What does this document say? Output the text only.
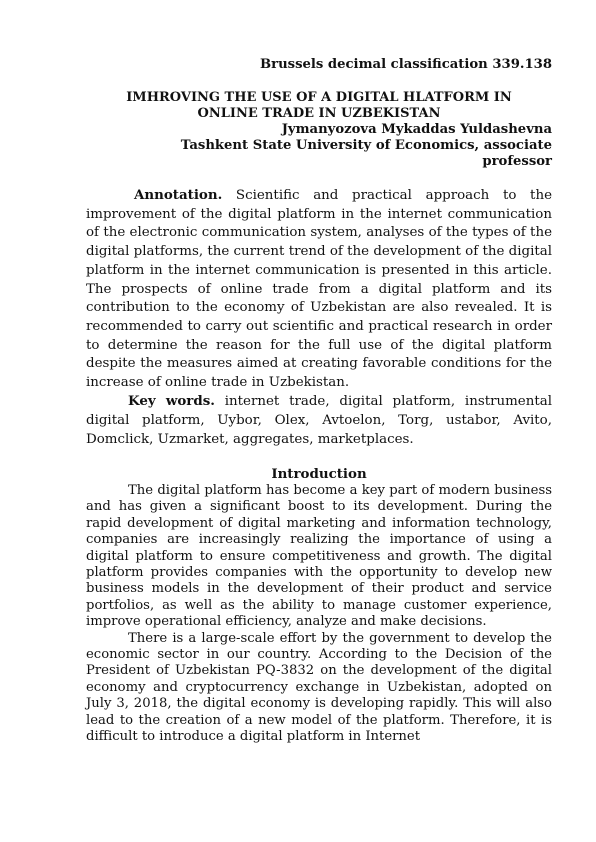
Brussels decimal classification 339.138
IMHROVING THE USE OF A DIGITAL HLATFORM IN
ONLINE TRADE IN UZBEKISTAN
Jymanyozova Mykaddas Yuldashevna
Tashkent State University of Economics, associate
professor

Annotation. Scientific and practical approach to the improvement of the digital platform in the internet communication of the electronic communication system, analyses of the types of the digital platforms, the current trend of the development of the digital platform in the internet communication is presented in this article. The prospects of online trade from a digital platform and its contribution to the economy of Uzbekistan are also revealed. It is recommended to carry out scientific and practical research in order to determine the reason for the full use of the digital platform despite the measures aimed at creating favorable conditions for the increase of online trade in Uzbekistan.

Key words. internet trade, digital platform, instrumental digital platform, Uybor, Olex, Avtoelon, Torg, ustabor, Avito, Domclick, Uzmarket, aggregates, marketplaces.

Introduction

The digital platform has become a key part of modern business and has given a significant boost to its development. During the rapid development of digital marketing and information technology, companies are increasingly realizing the importance of using a digital platform to ensure competitiveness and growth. The digital platform provides companies with the opportunity to develop new business models in the development of their product and service portfolios, as well as the ability to manage customer experience, improve operational efficiency, analyze and make decisions.

There is a large-scale effort by the government to develop the economic sector in our country. According to the Decision of the President of Uzbekistan PQ-3832 on the development of the digital economy and cryptocurrency exchange in Uzbekistan, adopted on July 3, 2018, the digital economy is developing rapidly. This will also lead to the creation of a new model of the platform. Therefore, it is difficult to introduce a digital platform in Internet
